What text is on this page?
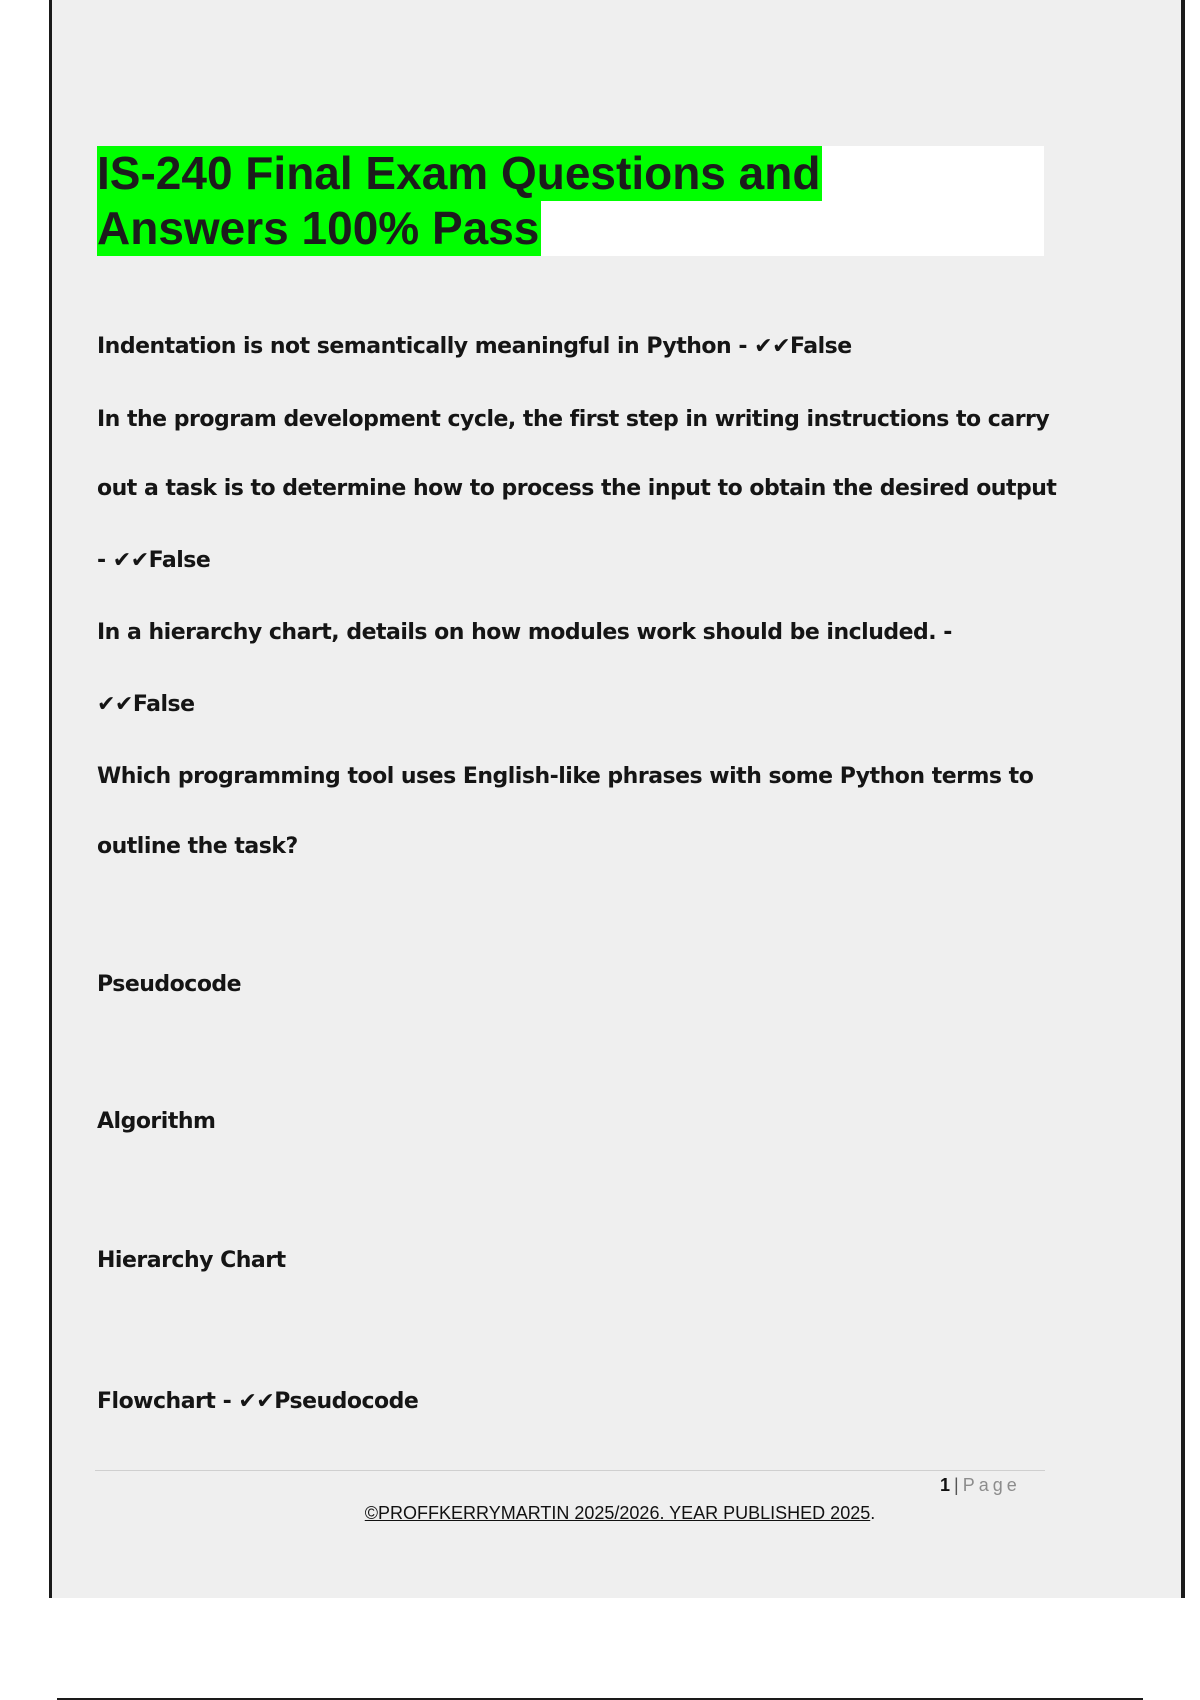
IS-240 Final Exam Questions and
Answers 100% Pass
Indentation is not semantically meaningful in Python - ✔✔False
In the program development cycle, the first step in writing instructions to carry
out a task is to determine how to process the input to obtain the desired output
- ✔✔False
In a hierarchy chart, details on how modules work should be included. -
✔✔False
Which programming tool uses English-like phrases with some Python terms to
outline the task?
Pseudocode
Algorithm
Hierarchy Chart
Flowchart - ✔✔Pseudocode
1 | Page
©PROFFKERRYMARTIN 2025/2026. YEAR PUBLISHED 2025.
